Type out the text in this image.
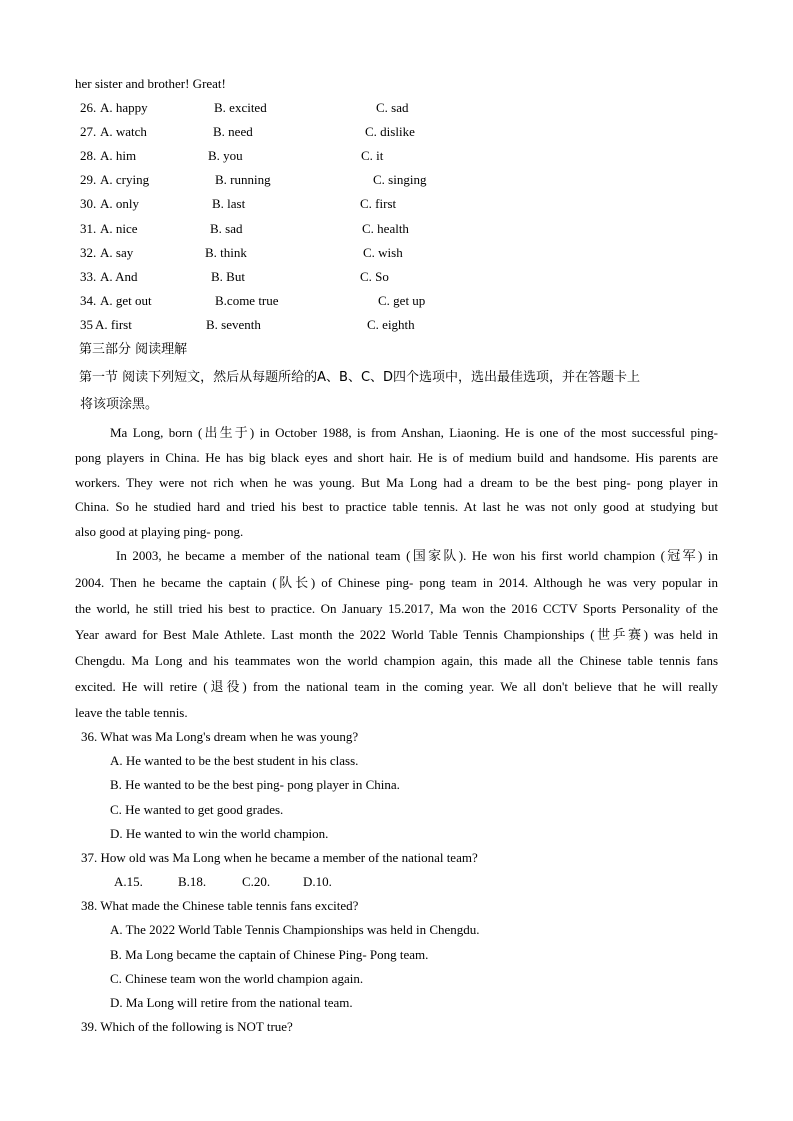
her sister and brother! Great!
26. A. happy	B. excited	C. sad
27. A. watch	B. need	C. dislike
28. A. him	B. you	C. it
29. A. crying	B. running	C. singing
30. A. only	B. last	C. first
31. A. nice	B. sad	C. health
32. A. say	B. think	C. wish
33. A. And	B. But	C. So
34. A. get out	B.come true	C. get up
35 A. first	B. seventh	C. eighth
第三部分 阅读理解
第一节 阅读下列短文，然后从每题所给的A、B、C、D四个选项中，选出最佳选项，并在答题卡上
将该项涂黑。
Ma Long, born (出生于) in October 1988, is from Anshan, Liaoning. He is one of the most successful ping-
pong players in China. He has big black eyes and short hair. He is of medium build and handsome. His parents are
workers. They were not rich when he was young. But Ma Long had a dream to be the best ping- pong player in
China. So he studied hard and tried his best to practice table tennis. At last he was not only good at studying but
also good at playing ping- pong.
In 2003, he became a member of the national team (国家队). He won his first world champion (冠军) in
2004. Then he became the captain (队长) of Chinese ping- pong team in 2014. Although he was very popular in
the world, he still tried his best to practice. On January 15.2017, Ma won the 2016 CCTV Sports Personality of the
Year award for Best Male Athlete. Last month the 2022 World Table Tennis Championships (世乒赛) was held in
Chengdu. Ma Long and his teammates won the world champion again, this made all the Chinese table tennis fans
excited. He will retire (退役) from the national team in the coming year. We all don't believe that he will really
leave the table tennis.
36. What was Ma Long's dream when he was young?
A. He wanted to be the best student in his class.
B. He wanted to be the best ping- pong player in China.
C. He wanted to get good grades.
D. He wanted to win the world champion.
37. How old was Ma Long when he became a member of the national team?
A.15.	B.18.	C.20.	D.10.
38. What made the Chinese table tennis fans excited?
A. The 2022 World Table Tennis Championships was held in Chengdu.
B. Ma Long became the captain of Chinese Ping- Pong team.
C. Chinese team won the world champion again.
D. Ma Long will retire from the national team.
39. Which of the following is NOT true?
